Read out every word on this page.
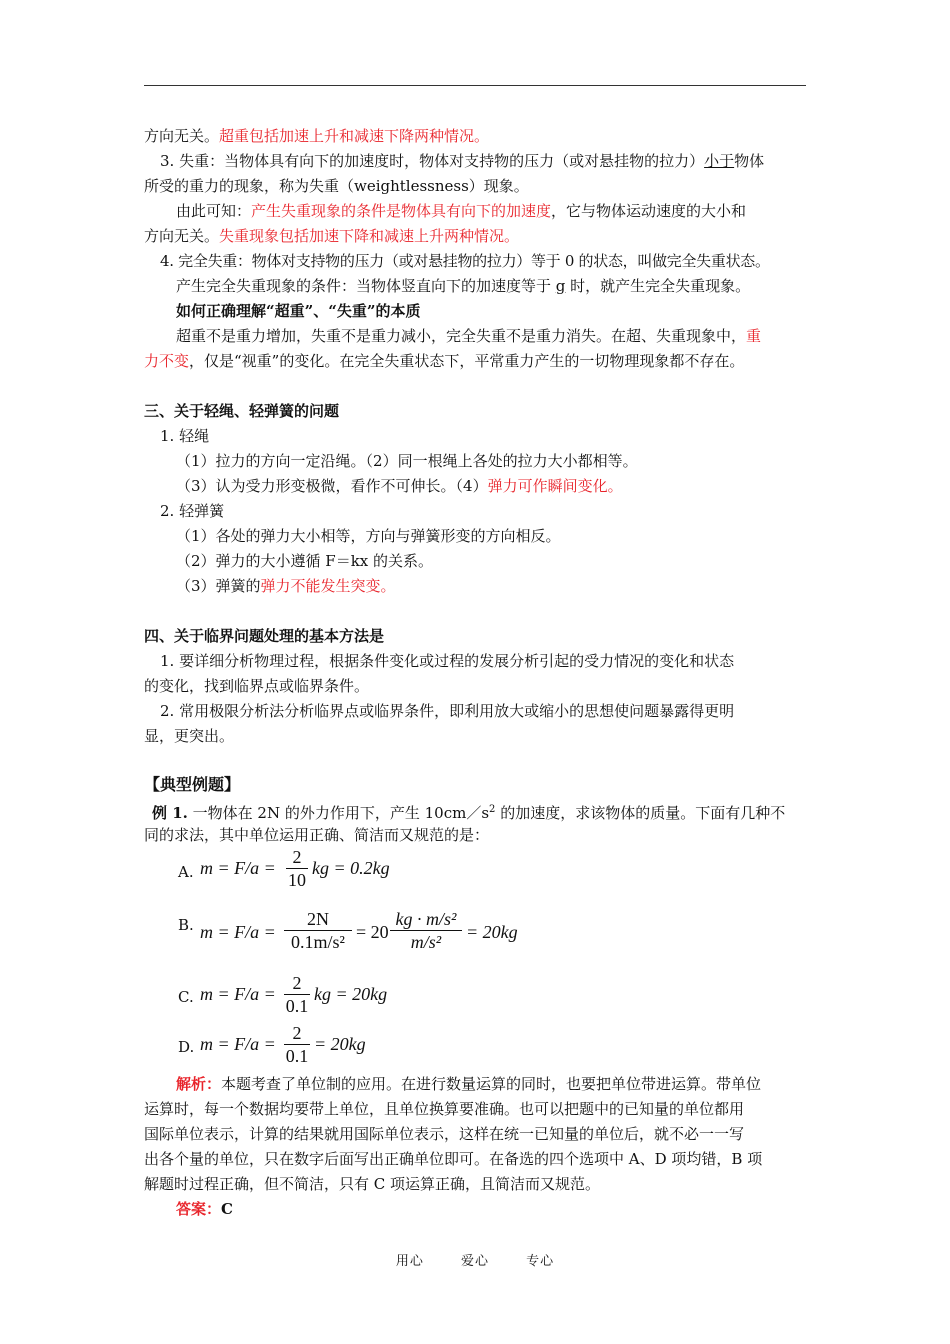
方向无关。超重包括加速上升和减速下降两种情况。
3. 失重：当物体具有向下的加速度时，物体对支持物的压力（或对悬挂物的拉力）小于物体
所受的重力的现象，称为失重（weightlessness）现象。
由此可知：产生失重现象的条件是物体具有向下的加速度，它与物体运动速度的大小和
方向无关。失重现象包括加速下降和减速上升两种情况。
4. 完全失重：物体对支持物的压力（或对悬挂物的拉力）等于 0 的状态，叫做完全失重状态。
产生完全失重现象的条件：当物体竖直向下的加速度等于 g 时，就产生完全失重现象。
如何正确理解“超重”、“失重”的本质
超重不是重力增加，失重不是重力减小，完全失重不是重力消失。在超、失重现象中，重
力不变，仅是“视重”的变化。在完全失重状态下，平常重力产生的一切物理现象都不存在。
三、关于轻绳、轻弹簧的问题
1. 轻绳
（1）拉力的方向一定沿绳。（2）同一根绳上各处的拉力大小都相等。
（3）认为受力形变极微，看作不可伸长。（4）弹力可作瞬间变化。
2. 轻弹簧
（1）各处的弹力大小相等，方向与弹簧形变的方向相反。
（2）弹力的大小遵循 F＝kx 的关系。
（3）弹簧的弹力不能发生突变。
四、关于临界问题处理的基本方法是
1. 要详细分析物理过程，根据条件变化或过程的发展分析引起的受力情况的变化和状态
的变化，找到临界点或临界条件。
2. 常用极限分析法分析临界点或临界条件，即利用放大或缩小的思想使问题暴露得更明
显，更突出。
【典型例题】
例 1. 一物体在 2N 的外力作用下，产生 $10cm/s^2$ 的加速度，求该物体的质量。下面有几种不
同的求法，其中单位运用正确、简洁而又规范的是：
A. m = F/a =
2
10
kg = 0.2kg
B. m = F/a =
2N
0.1m/s² = 20
kg · m/s²
m/s²	= 20kg
C. m = F/a =
2
0.1
kg = 20kg
D. m = F/a =
2
0.1
= 20kg
解析：本题考查了单位制的应用。在进行数量运算的同时，也要把单位带进运算。带单位
运算时，每一个数据均要带上单位，且单位换算要准确。也可以把题中的已知量的单位都用
国际单位表示，计算的结果就用国际单位表示，这样在统一已知量的单位后，就不必一一写
出各个量的单位，只在数字后面写出正确单位即可。在备选的四个选项中 A、D 项均错，B 项
解题时过程正确，但不简洁，只有 C 项运算正确，且简洁而又规范。
答案：C
用心	爱心	专心
